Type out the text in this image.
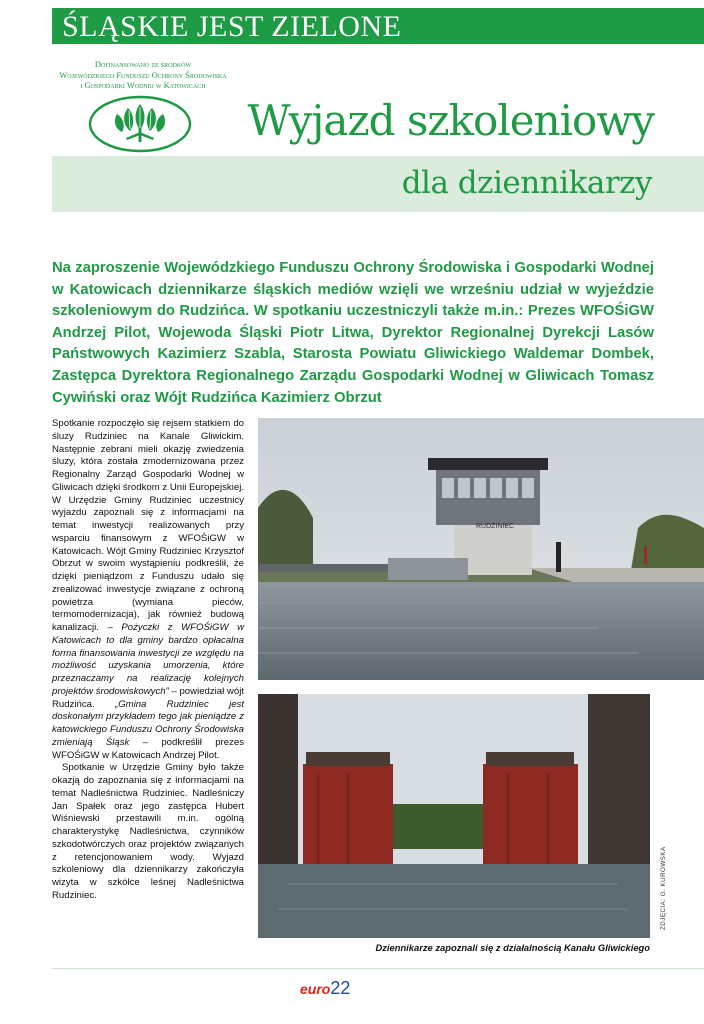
ŚLĄSKIE JEST ZIELONE
Dofinansowano ze środków
Wojewódzkiego Funduszu Ochrony Środowiska
i Gospodarki Wodnej w Katowicach
Wyjazd szkoleniowy
dla dziennikarzy
Na zaproszenie Wojewódzkiego Funduszu Ochrony Środowiska i Gospodarki Wodnej w Katowicach dziennikarze śląskich mediów wzięli we wrześniu udział w wyjeździe szkoleniowym do Rudzińca. W spotkaniu uczestniczyli także m.in.: Prezes WFOŚiGW Andrzej Pilot, Wojewoda Śląski Piotr Litwa, Dyrektor Regionalnej Dyrekcji Lasów Państwowych Kazimierz Szabla, Starosta Powiatu Gliwickiego Waldemar Dombek, Zastępca Dyrektora Regionalnego Zarządu Gospodarki Wodnej w Gliwicach Tomasz Cywiński oraz Wójt Rudzińca Kazimierz Obrzut

Spotkanie rozpoczęło się rejsem statkiem do śluzy Rudziniec na Kanale Gliwickim. Następnie zebrani mieli okazję zwiedzenia śluzy, która została zmodernizowana przez Regionalny Zarząd Gospodarki Wodnej w Gliwicach dzięki środkom z Unii Europejskiej. W Urzędzie Gminy Rudziniec uczestnicy wyjazdu zapoznali się z informacjami na temat inwestycji realizowanych przy wsparciu finansowym z WFOŚiGW w Katowicach. Wójt Gminy Rudziniec Krzysztof Obrzut w swoim wystąpieniu podkreślił, że dzięki pieniądzom z Funduszu udało się zrealizować inwestycje związane z ochroną powietrza (wymiana pieców, termomodernizacja), jak również budową kanalizacji. – Pożyczki z WFOŚiGW w Katowicach to dla gminy bardzo opłacalna forma finansowania inwestycji ze względu na możliwość uzyskania umorzenia, które przeznaczamy na realizację kolejnych projektów środowiskowych” – powiedział wójt Rudzińca. „Gmina Rudziniec jest doskonałym przykładem tego jak pieniądze z katowickiego Funduszu Ochrony Środowiska zmieniają Śląsk – podkreślił prezes WFOŚiGW w Katowicach Andrzej Pilot.

Spotkanie w Urzędzie Gminy było także okazją do zapoznania się z informacjami na temat Nadleśnictwa Rudziniec. Nadleśniczy Jan Spałek oraz jego zastępca Hubert Wiśniewski przestawili m.in. ogólną charakterystykę Nadleśnictwa, czynników szkodotwórczych oraz projektów związanych z retencjonowaniem wody. Wyjazd szkoleniowy dla dziennikarzy zakończyła wizyta w szkółce leśnej Nadleśnictwa Rudziniec.

RUDZINIEC
ZDJĘCIA: G. KUROWSKA
Dziennikarze zapoznali się z działalnością Kanału Gliwickiego
euro22
